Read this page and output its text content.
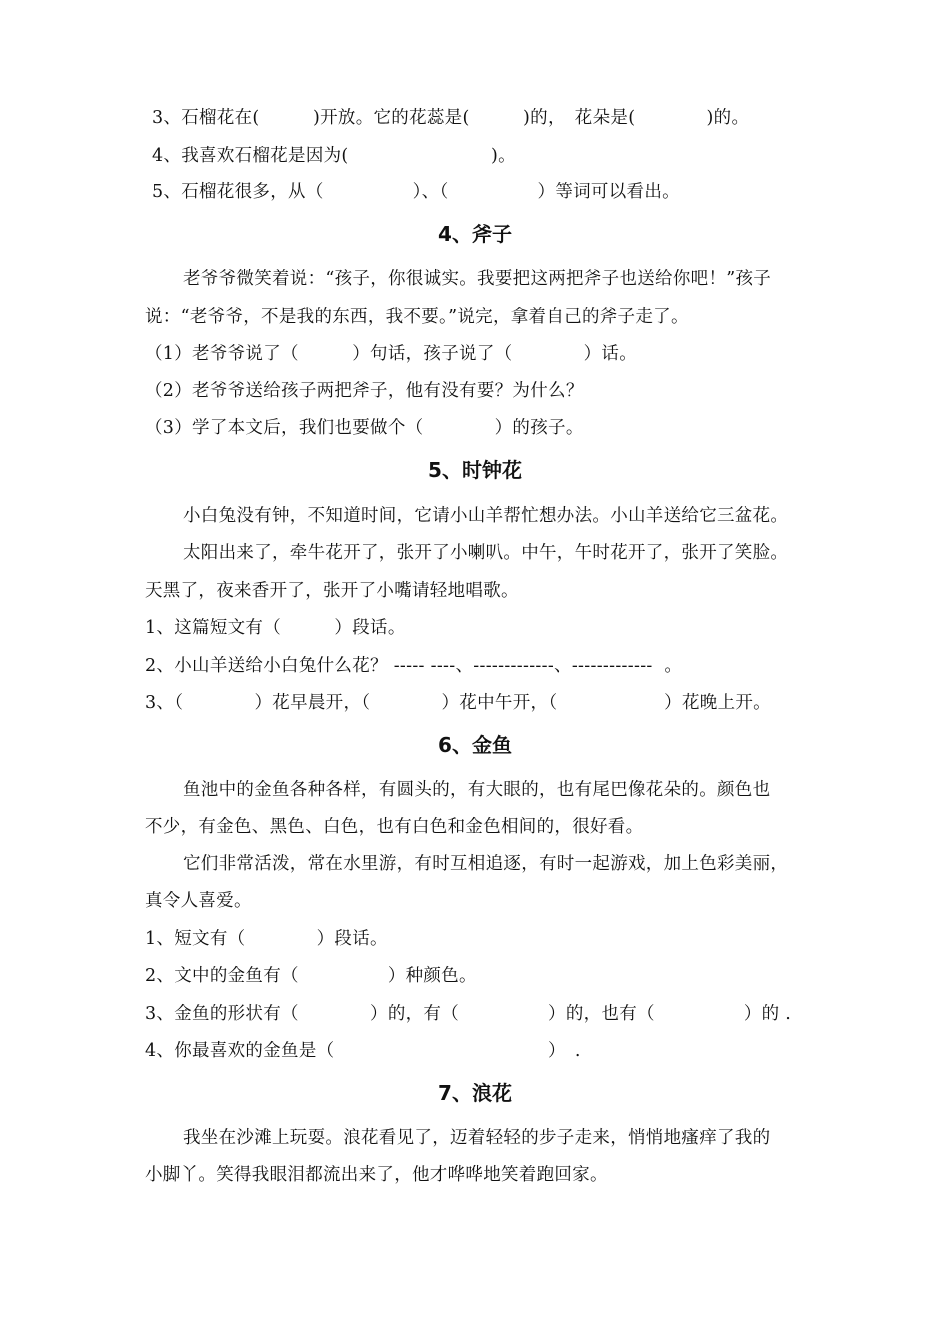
3、石榴花在(　　　)开放。它的花蕊是(　　　)的，　花朵是(　　　　)的。
4、我喜欢石榴花是因为(　　　　　　　　)。
5、石榴花很多，从（　　　　　）、（　　　　　）等词可以看出。
4、斧子
老爷爷微笑着说：“孩子，你很诚实。我要把这两把斧子也送给你吧！”孩子
说：“老爷爷，不是我的东西，我不要。”说完，拿着自己的斧子走了。
（1）老爷爷说了（　　　）句话，孩子说了（　　　　）话。
（2）老爷爷送给孩子两把斧子，他有没有要？为什么？
（3）学了本文后，我们也要做个（　　　　）的孩子。
5、时钟花
小白兔没有钟，不知道时间，它请小山羊帮忙想办法。小山羊送给它三盆花。
太阳出来了，牵牛花开了，张开了小喇叭。中午，午时花开了，张开了笑脸。
天黑了，夜来香开了，张开了小嘴请轻地唱歌。
1、这篇短文有（　　　）段话。
2、小山羊送给小白兔什么花？ ----- ----、-------------、-------------  。
3、（　　　　）花早晨开，（　　　　）花中午开，（　　　　　　）花晚上开。
6、金鱼
鱼池中的金鱼各种各样，有圆头的，有大眼的，也有尾巴像花朵的。颜色也
不少，有金色、黑色、白色，也有白色和金色相间的，很好看。
它们非常活泼，常在水里游，有时互相追逐，有时一起游戏，加上色彩美丽，
真令人喜爱。
1、短文有（　　　　）段话。
2、文中的金鱼有（　　　　　）种颜色。
3、金鱼的形状有（　　　　）的，有（　　　　　）的，也有（　　　　　）的 .
4、你最喜欢的金鱼是（　　　　　　　　　　　　）　.
7、浪花
我坐在沙滩上玩耍。浪花看见了，迈着轻轻的步子走来，悄悄地瘙痒了我的
小脚丫。笑得我眼泪都流出来了，他才哗哗地笑着跑回家。
